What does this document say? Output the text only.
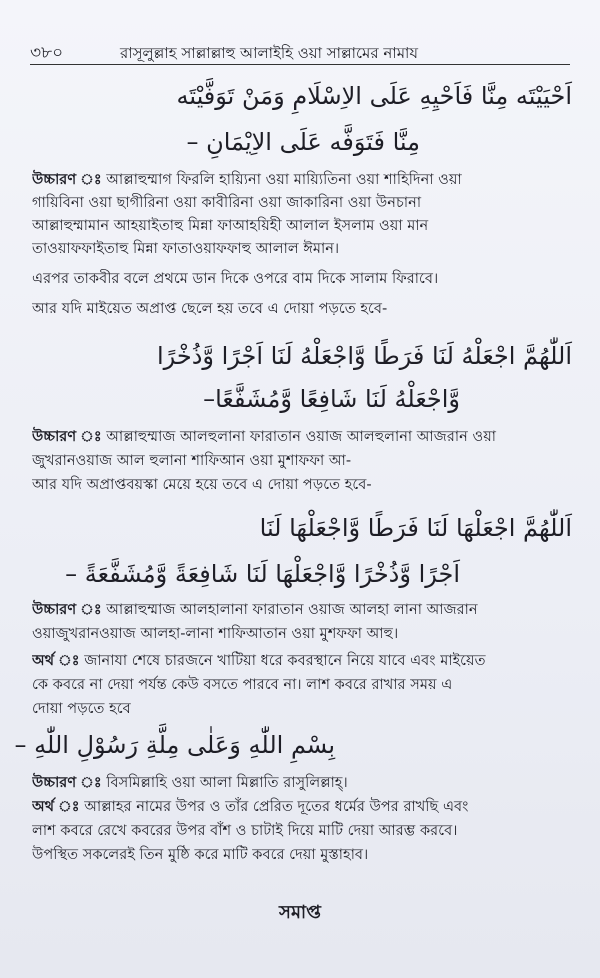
৩৮০	রাসূলুল্লাহ সাল্লাল্লাহু আলাইহি ওয়া সাল্লামের নামায
اَحْيَيْتَه مِنَّا فَاَحْيِهِ عَلَى الاِسْلَامِ وَمَنْ تَوَفَّيْتَه
مِنَّا فَتَوَفَّه عَلَى الاِيْمَانِ –
উচ্চারণ ঃ আল্লাহুম্মাগ ফিরলি হায়্যিনা ওয়া মায়্যিতিনা ওয়া শাহিদিনা ওয়া
গায়িবিনা ওয়া ছাগীরিনা ওয়া কাবীরিনা ওয়া জাকারিনা ওয়া উনচানা
আল্লাহুম্মামান আহয়াইতাহু মিন্না ফাআহয়িহী আলাল ইসলাম ওয়া মান
তাওয়াফফাইতাহু মিন্না ফাতাওয়াফফাহু আলাল ঈমান।
এরপর তাকবীর বলে প্রথমে ডান দিকে ওপরে বাম দিকে সালাম ফিরাবে।
আর যদি মাইয়েত অপ্রাপ্ত ছেলে হয় তবে এ দোয়া পড়তে হবে-
اَللّٰهُمَّ اجْعَلْهُ لَنَا فَرَطًا وَّاجْعَلْهُ لَنَا اَجْرًا وَّذُخْرًا
وَّاجْعَلْهُ لَنَا شَافِعًا وَّمُشَفَّعًا–
উচ্চারণ ঃ আল্লাহুম্মাজ আলহুলানা ফারাতান ওয়াজ আলহুলানা আজরান ওয়া
জুখরানওয়াজ আল হুলানা শাফিআন ওয়া মুশাফফা আ-
আর যদি অপ্রাপ্তবয়স্কা মেয়ে হয়ে তবে এ দোয়া পড়তে হবে-
اَللّٰهُمَّ اجْعَلْهَا لَنَا فَرَطًا وَّاجْعَلْهَا لَنَا
اَجْرًا وَّذُخْرًا وَّاجْعَلْهَا لَنَا شَافِعَةً وَّمُشَفَّعَةً –
উচ্চারণ ঃ আল্লাহুম্মাজ আলহালানা ফারাতান ওয়াজ আলহা লানা আজরান
ওয়াজুখরানওয়াজ আলহা-লানা শাফিআতান ওয়া মুশফফা আহু।
অর্থ ঃ জানাযা শেষে চারজনে খাটিয়া ধরে কবরস্থানে নিয়ে যাবে এবং মাইয়েত
কে কবরে না দেয়া পর্যন্ত কেউ বসতে পারবে না। লাশ কবরে রাখার সময় এ
দোয়া পড়তে হবে
بِسْمِ اللّٰهِ وَعَلٰى مِلَّةِ رَسُوْلِ اللّٰهِ –
উচ্চারণ ঃ বিসমিল্লাহি ওয়া আলা মিল্লাতি রাসুলিল্লাহ্‌।
অর্থ ঃ আল্লাহর নামের উপর ও তাঁর প্রেরিত দূতের ধর্মের উপর রাখছি এবং
লাশ কবরে রেখে কবরের উপর বাঁশ ও চাটাই দিয়ে মাটি দেয়া আরম্ভ করবে।
উপস্থিত সকলেরই তিন মুষ্ঠি করে মাটি কবরে দেয়া মুস্তাহাব।
সমাপ্ত
